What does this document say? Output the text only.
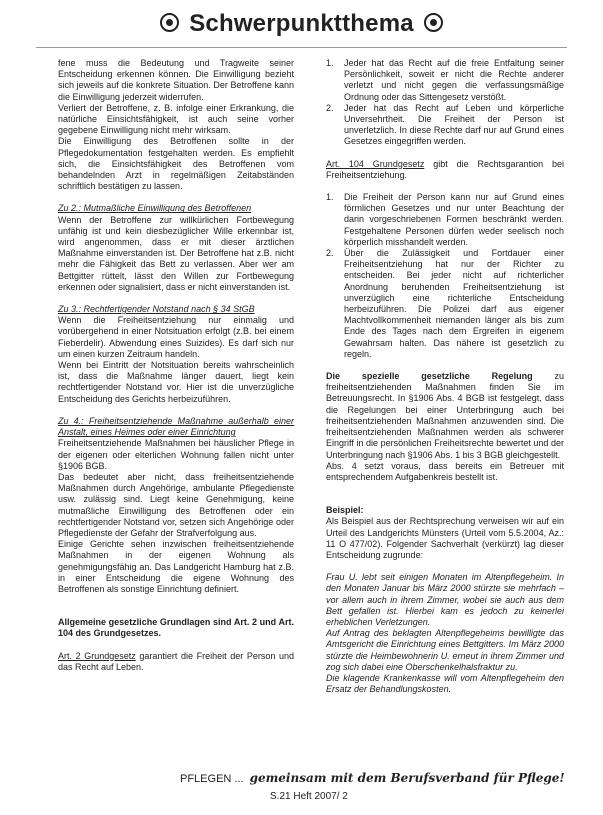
Schwerpunktthema

fene muss die Bedeutung und Tragweite seiner Entscheidung erkennen können. Die Einwilligung bezieht sich jeweils auf die konkrete Situation. Der Betroffene kann die Einwilligung jederzeit widerrufen.

Verliert der Betroffene, z. B. infolge einer Erkrankung, die natürliche Einsichtsfähigkeit, ist auch seine vorher gegebene Einwilligung nicht mehr wirksam.

Die Einwilligung des Betroffenen sollte in der Pflegedokumentation festgehalten werden. Es empfiehlt sich, die Einsichtsfähigkeit des Betroffenen vom behandelnden Arzt in regelmäßigen Zeitabständen schriftlich bestätigen zu lassen.

Zu 2.: Mutmaßliche Einwilligung des Betroffenen

Wenn der Betroffene zur willkürlichen Fortbewegung unfähig ist und kein diesbezüglicher Wille erkennbar ist, wird angenommen, dass er mit dieser ärztlichen Maßnahme einverstanden ist. Der Betroffene hat z.B. nicht mehr die Fähigkeit das Bett zu verlassen. Aber wer am Bettgitter rüttelt, lässt den Willen zur Fortbewegung erkennen oder signalisiert, dass er nicht einverstanden ist.

Zu 3.: Rechtfertigender Notstand nach § 34 StGB

Wenn die Freiheitsentziehung nur einmalig und vorübergehend in einer Notsituation erfolgt (z.B. bei einem Fieberdelir). Abwendung eines Suizides). Es darf sich nur um einen kurzen Zeitraum handeln.

Wenn bei Eintritt der Notsituation bereits wahrscheinlich ist, dass die Maßnahme länger dauert, liegt kein rechtfertigender Notstand vor. Hier ist die unverzügliche Entscheidung des Gerichts herbeizuführen.

Zu 4.: Freiheitsentziehende Maßnahme außerhalb einer Anstalt, eines Heimes oder einer Einrichtung

Freiheitsentziehende Maßnahmen bei häuslicher Pflege in der eigenen oder elterlichen Wohnung fallen nicht unter §1906 BGB.

Das bedeutet aber nicht, dass freiheitsentziehende Maßnahmen durch Angehörige, ambulante Pflegedienste usw. zulässig sind. Liegt keine Genehmigung, keine mutmaßliche Einwilligung des Betroffenen oder ein rechtfertigender Notstand vor, setzen sich Angehörige oder Pflegedienste der Gefahr der Strafverfolgung aus.

Einige Gerichte sehen inzwischen freiheitsentziehende Maßnahmen in der eigenen Wohnung als genehmigungsfähig an. Das Landgericht Hamburg hat z.B. in einer Entscheidung die eigene Wohnung des Betroffenen als sonstige Einrichtung definiert.

Allgemeine gesetzliche Grundlagen sind Art. 2 und Art. 104 des Grundgesetzes.

Art. 2 Grundgesetz garantiert die Freiheit der Person und das Recht auf Leben.

1. Jeder hat das Recht auf die freie Entfaltung seiner Persönlichkeit, soweit er nicht die Rechte anderer verletzt und nicht gegen die verfassungsmäßige Ordnung oder das Sittengesetz verstößt.
2. Jeder hat das Recht auf Leben und körperliche Unversehrtheit. Die Freiheit der Person ist unverletzlich. In diese Rechte darf nur auf Grund eines Gesetzes eingegriffen werden.

Art. 104 Grundgesetz gibt die Rechtsgarantion bei Freiheitsentziehung.

1. Die Freiheit der Person kann nur auf Grund eines förmlichen Gesetzes und nur unter Beachtung der darin vorgeschriebenen Formen beschränkt werden. Festgehaltene Personen dürfen weder seelisch noch körperlich misshandelt werden.
2. Über die Zulässigkeit und Fortdauer einer Freiheitsentziehung hat nur der Richter zu entscheiden. Bei jeder nicht auf richterlicher Anordnung beruhenden Freiheitsentziehung ist unverzüglich eine richterliche Entscheidung herbeizuführen. Die Polizei darf aus eigener Machtvollkommenheit niemanden länger als bis zum Ende des Tages nach dem Ergreifen in eigenem Gewahrsam halten. Das nähere ist gesetzlich zu regeln.

Die spezielle gesetzliche Regelung zu freiheitsentziehenden Maßnahmen finden Sie im Betreuungsrecht. In §1906 Abs. 4 BGB ist festgelegt, dass die Regelungen bei einer Unterbringung auch bei freiheitsentziehenden Maßnahmen anzuwenden sind. Die freiheitsentziehenden Maßnahmen werden als schwerer Eingriff in die persönlichen Freiheitsrechte bewertet und der Unterbringung nach §1906 Abs. 1 bis 3 BGB gleichgestellt.

Abs. 4 setzt voraus, dass bereits ein Betreuer mit entsprechendem Aufgabenkreis bestellt ist.

Beispiel:

Als Beispiel aus der Rechtsprechung verweisen wir auf ein Urteil des Landgerichts Münsters (Urteil vom 5.5.2004, Az.: 11 O 477/02). Folgender Sachverhalt (verkürzt) lag dieser Entscheidung zugrunde:

Frau U. lebt seit einigen Monaten im Altenpflegeheim. In den Monaten Januar bis März 2000 stürzte sie mehrfach – vor allem auch in ihrem Zimmer, wobei sie auch aus dem Bett gefallen ist. Hierbei kam es jedoch zu keinerlei erheblichen Verletzungen.

Auf Antrag des beklagten Altenpflegeheims bewilligte das Amtsgericht die Einrichtung eines Bettgitters. Im März 2000 stürzte die Heimbewohnerin U. erneut in ihrem Zimmer und zog sich dabei eine Oberschenkelhalsfraktur zu.

Die klagende Krankenkasse will vom Altenpflegeheim den Ersatz der Behandlungskosten.

PFLEGEN ... gemeinsam mit dem Berufsverband für Pflege!
S.21 Heft 2007/ 2
